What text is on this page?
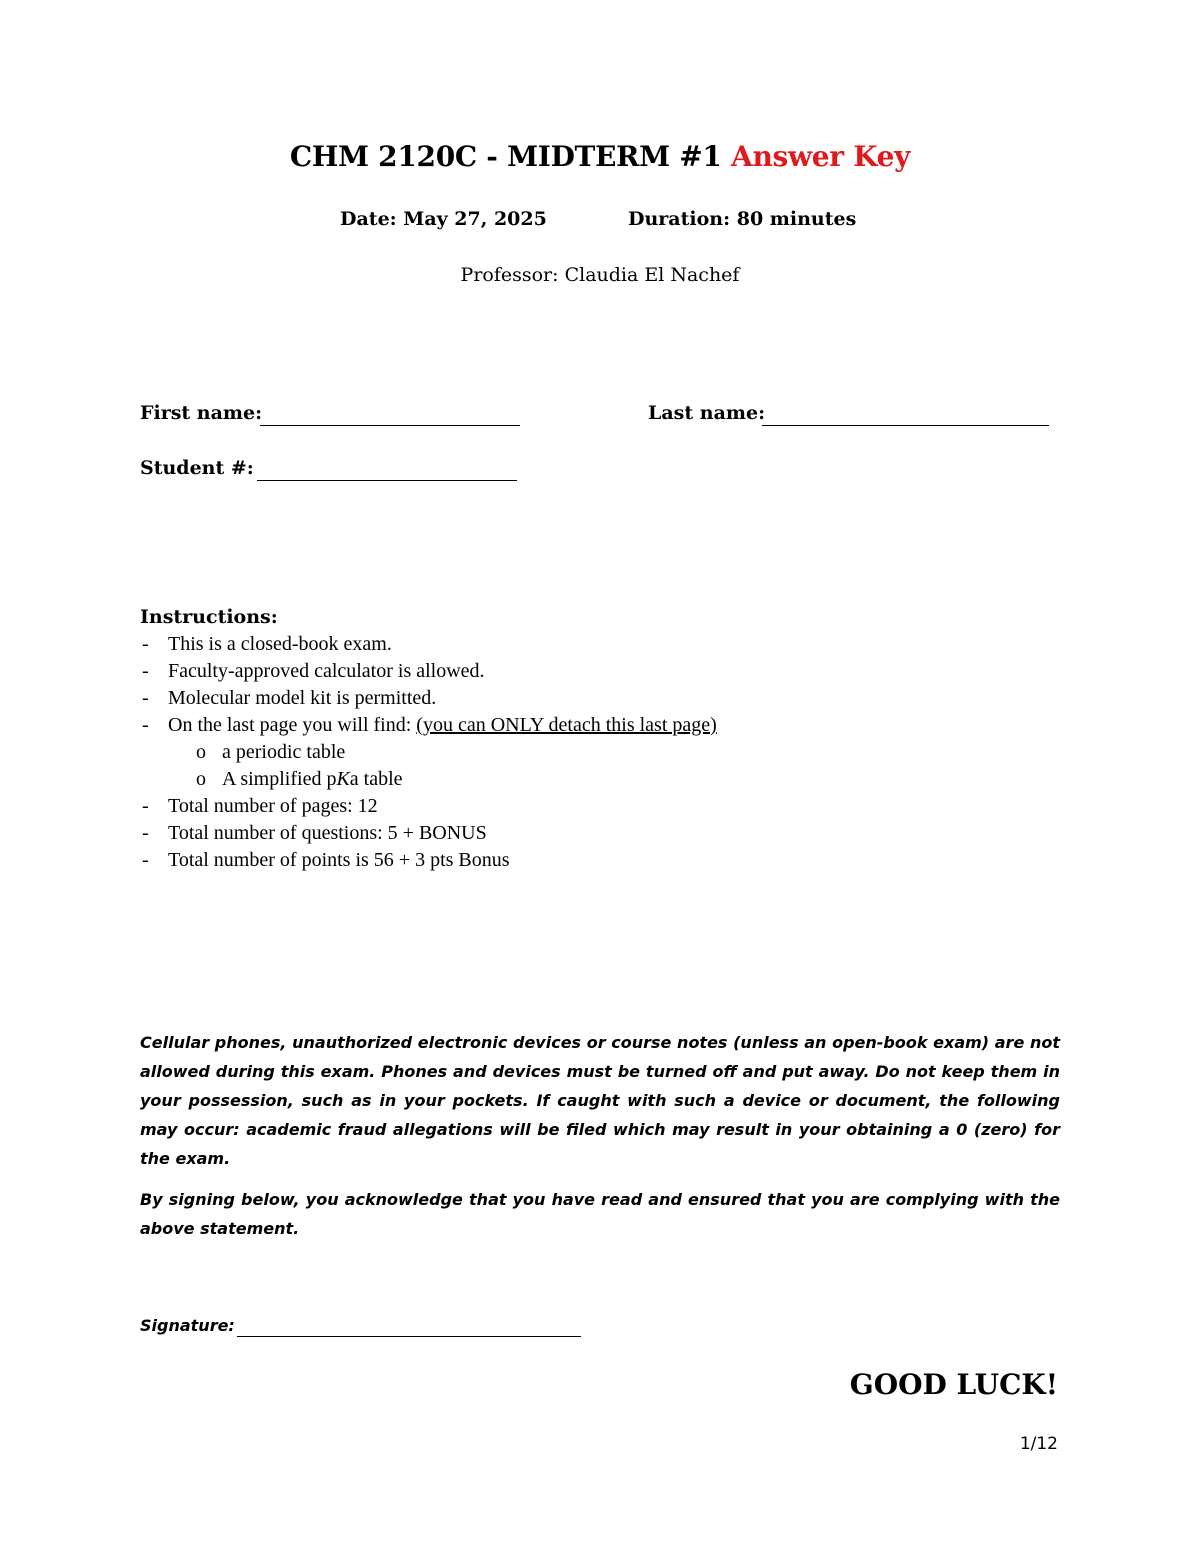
CHM 2120C - MIDTERM #1 Answer Key
Date: May 27, 2025	Duration: 80 minutes
Professor: Claudia El Nachef
First name:	Last name:
Student #:
Instructions:
- This is a closed-book exam.
- Faculty-approved calculator is allowed.
- Molecular model kit is permitted.
- On the last page you will find: (you can ONLY detach this last page)
o a periodic table
o A simplified pKa table
- Total number of pages: 12
- Total number of questions: 5 + BONUS
- Total number of points is 56 + 3 pts Bonus

Cellular phones, unauthorized electronic devices or course notes (unless an open-book exam) are not allowed during this exam. Phones and devices must be turned off and put away. Do not keep them in your possession, such as in your pockets. If caught with such a device or document, the following may occur: academic fraud allegations will be filed which may result in your obtaining a 0 (zero) for the exam.

By signing below, you acknowledge that you have read and ensured that you are complying with the above statement.

Signature:
GOOD LUCK!
1/12
